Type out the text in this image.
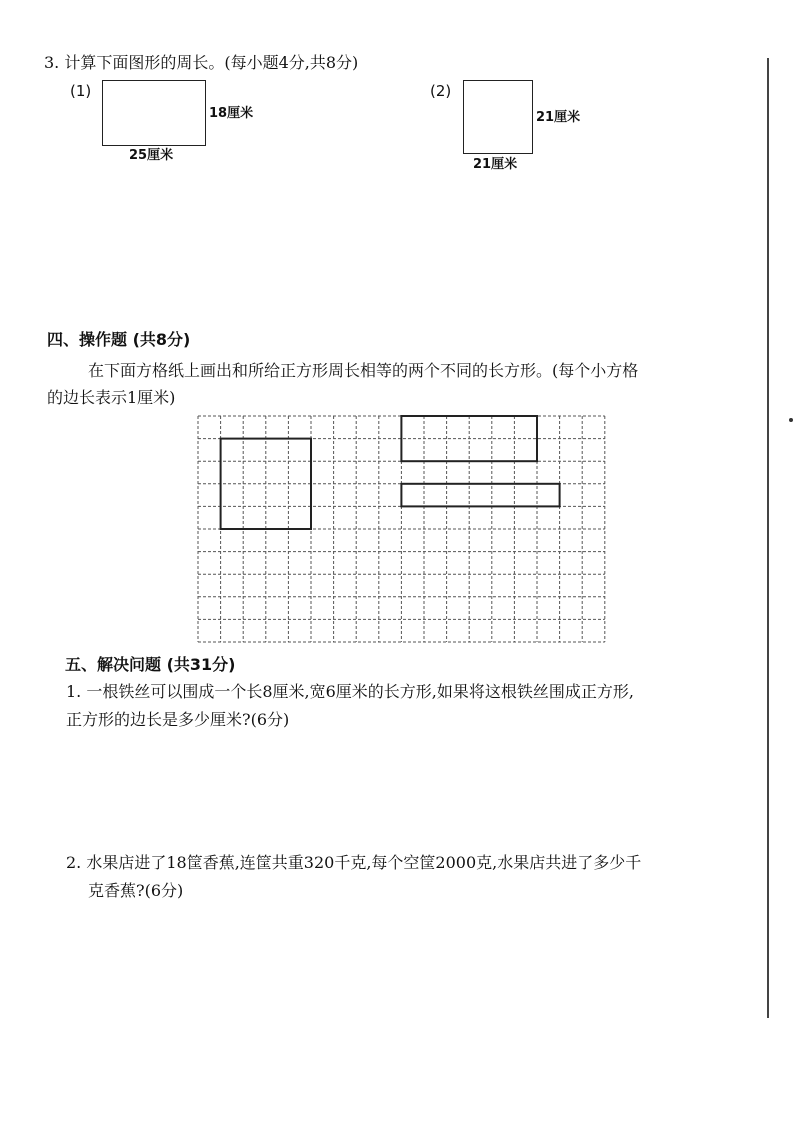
3. 计算下面图形的周长。(每小题4分,共8分)
(1)
18厘米
25厘米
(2)
21厘米
21厘米
四、操作题 (共8分)
在下面方格纸上画出和所给正方形周长相等的两个不同的长方形。(每个小方格
的边长表示1厘米)
五、解决问题 (共31分)
1. 一根铁丝可以围成一个长8厘米,宽6厘米的长方形,如果将这根铁丝围成正方形,
正方形的边长是多少厘米?(6分)
2. 水果店进了18筐香蕉,连筐共重320千克,每个空筐2000克,水果店共进了多少千
克香蕉?(6分)
